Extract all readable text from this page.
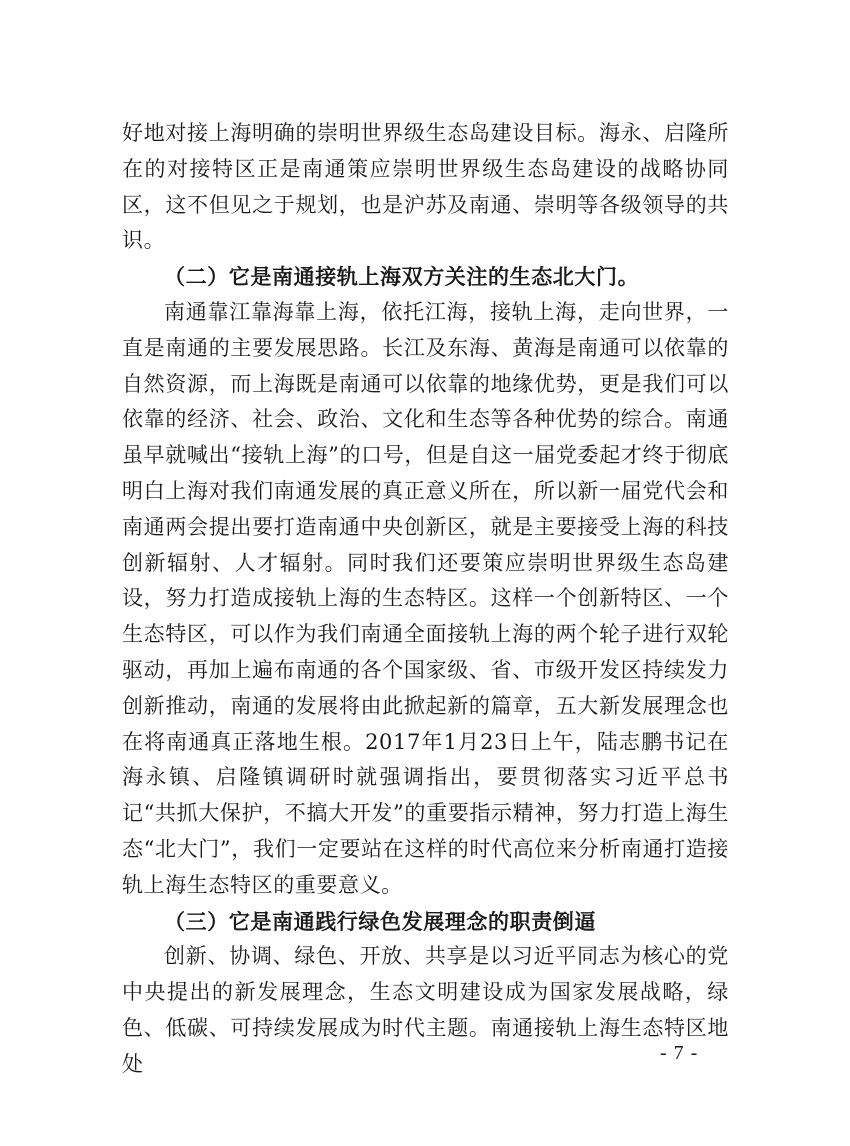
好地对接上海明确的崇明世界级生态岛建设目标。海永、启隆所在的对接特区正是南通策应崇明世界级生态岛建设的战略协同区，这不但见之于规划，也是沪苏及南通、崇明等各级领导的共识。

（二）它是南通接轨上海双方关注的生态北大门。

南通靠江靠海靠上海，依托江海，接轨上海，走向世界，一直是南通的主要发展思路。长江及东海、黄海是南通可以依靠的自然资源，而上海既是南通可以依靠的地缘优势，更是我们可以依靠的经济、社会、政治、文化和生态等各种优势的综合。南通虽早就喊出“接轨上海”的口号，但是自这一届党委起才终于彻底明白上海对我们南通发展的真正意义所在，所以新一届党代会和南通两会提出要打造南通中央创新区，就是主要接受上海的科技创新辐射、人才辐射。同时我们还要策应崇明世界级生态岛建设，努力打造成接轨上海的生态特区。这样一个创新特区、一个生态特区，可以作为我们南通全面接轨上海的两个轮子进行双轮驱动，再加上遍布南通的各个国家级、省、市级开发区持续发力创新推动，南通的发展将由此掀起新的篇章，五大新发展理念也在将南通真正落地生根。2017年1月23日上午，陆志鹏书记在海永镇、启隆镇调研时就强调指出，要贯彻落实习近平总书记“共抓大保护，不搞大开发”的重要指示精神，努力打造上海生态“北大门”，我们一定要站在这样的时代高位来分析南通打造接轨上海生态特区的重要意义。

（三）它是南通践行绿色发展理念的职责倒逼

创新、协调、绿色、开放、共享是以习近平同志为核心的党中央提出的新发展理念，生态文明建设成为国家发展战略，绿色、低碳、可持续发展成为时代主题。南通接轨上海生态特区地处	- 7 -
